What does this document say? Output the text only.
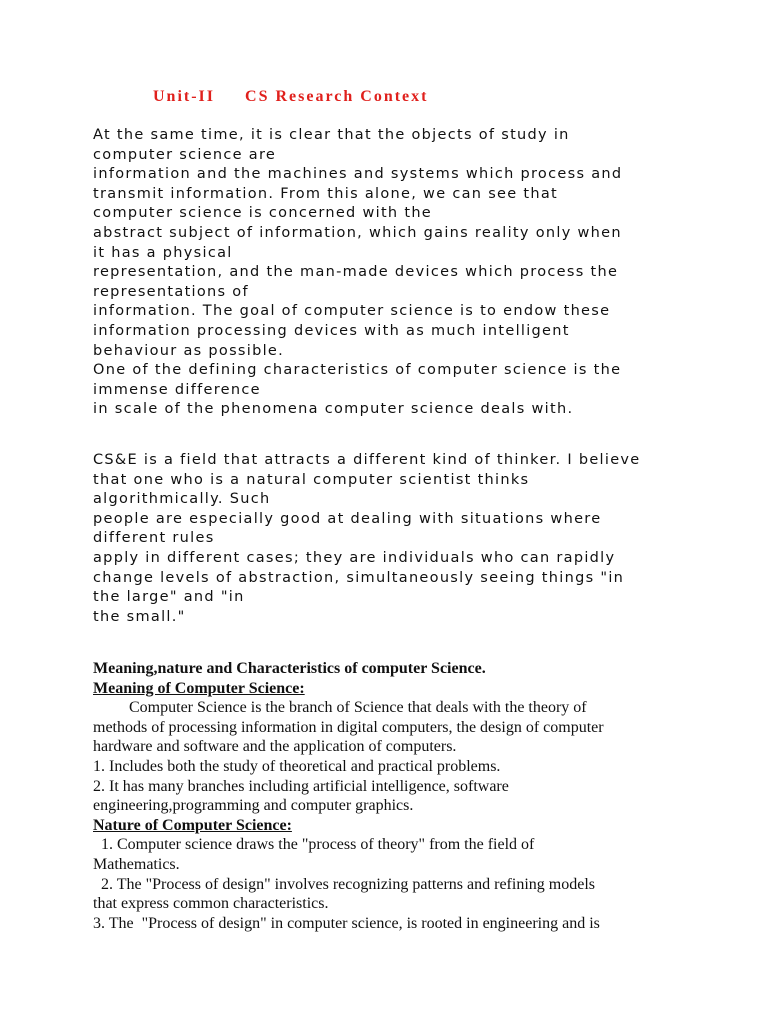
Unit-II     CS Research Context
At the same time, it is clear that the objects of study in
computer science are
information and the machines and systems which process and
transmit information. From this alone, we can see that
computer science is concerned with the
abstract subject of information, which gains reality only when
it has a physical
representation, and the man-made devices which process the
representations of
information. The goal of computer science is to endow these
information processing devices with as much intelligent
behaviour as possible.
One of the defining characteristics of computer science is the
immense difference
in scale of the phenomena computer science deals with.
CS&E is a field that attracts a different kind of thinker. I believe
that one who is a natural computer scientist thinks
algorithmically. Such
people are especially good at dealing with situations where
different rules
apply in different cases; they are individuals who can rapidly
change levels of abstraction, simultaneously seeing things "in
the large" and "in
the small."
Meaning,nature and Characteristics of computer Science.
Meaning of Computer Science:
Computer Science is the branch of Science that deals with the theory of
methods of processing information in digital computers, the design of computer
hardware and software and the application of computers.
1. Includes both the study of theoretical and practical problems.
2. It has many branches including artificial intelligence, software
engineering,programming and computer graphics.
Nature of Computer Science:
1. Computer science draws the "process of theory" from the field of
Mathematics.
2. The "Process of design" involves recognizing patterns and refining models
that express common characteristics.
3. The  "Process of design" in computer science, is rooted in engineering and is
